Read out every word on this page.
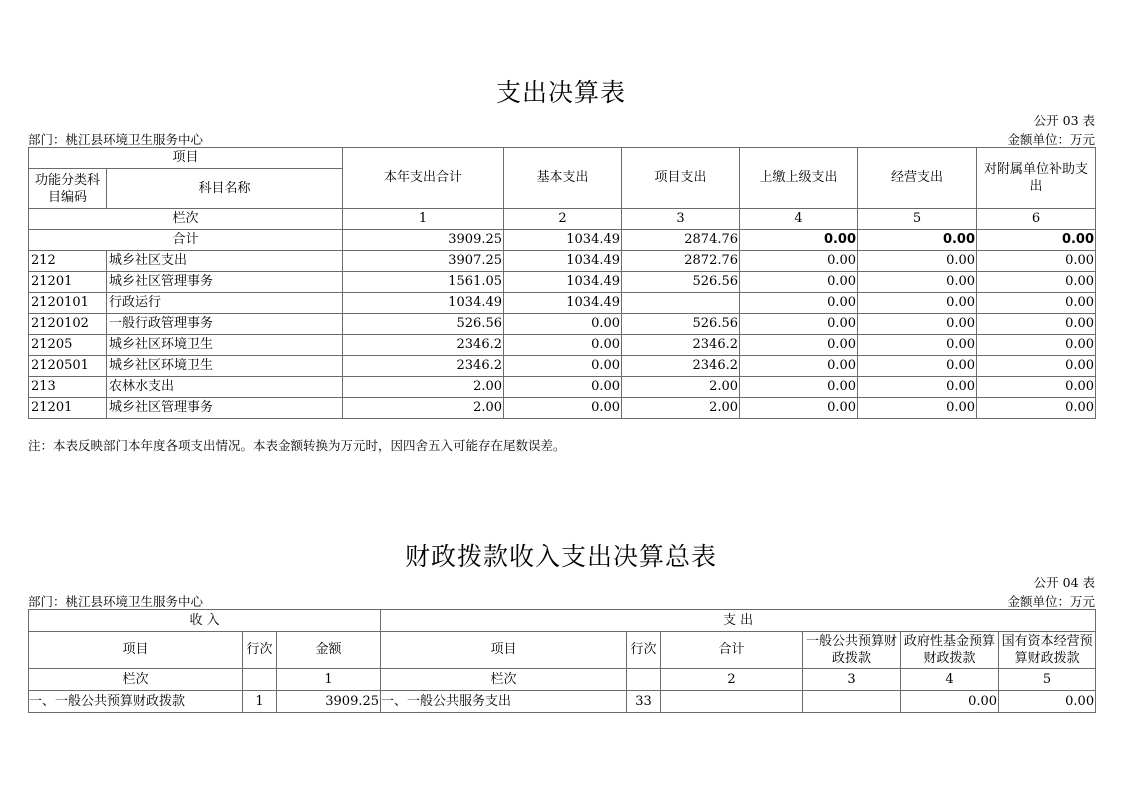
支出决算表
公开 03 表
部门：桃江县环境卫生服务中心	金额单位：万元
项目		本年支出合计	基本支出	项目支出	上缴上级支出	经营支出	对附属单位补助支出
功能分类科目编码	科目名称						
栏次		1	2	3	4	5	6
合计		3909.25	1034.49	2874.76	0.00	0.00	0.00
212	城乡社区支出	3907.25	1034.49	2872.76	0.00	0.00	0.00
21201	城乡社区管理事务	1561.05	1034.49	526.56	0.00	0.00	0.00
2120101	行政运行	1034.49	1034.49		0.00	0.00	0.00
2120102	一般行政管理事务	526.56	0.00	526.56	0.00	0.00	0.00
21205	城乡社区环境卫生	2346.2	0.00	2346.2	0.00	0.00	0.00
2120501	城乡社区环境卫生	2346.2	0.00	2346.2	0.00	0.00	0.00
213	农林水支出	2.00	0.00	2.00	0.00	0.00	0.00
21201	城乡社区管理事务	2.00	0.00	2.00	0.00	0.00	0.00
注：本表反映部门本年度各项支出情况。本表金额转换为万元时，因四舍五入可能存在尾数误差。
财政拨款收入支出决算总表
公开 04 表
部门：桃江县环境卫生服务中心	金额单位：万元
收 入			支 出					
项目	行次	金额	项目	行次	合计	一般公共预算财政拨款	政府性基金预算财政拨款	国有资本经营预算财政拨款
栏次		1	栏次		2	3	4	5
一、一般公共预算财政拨款	1	3909.25	一、一般公共服务支出	33			0.00	0.00
